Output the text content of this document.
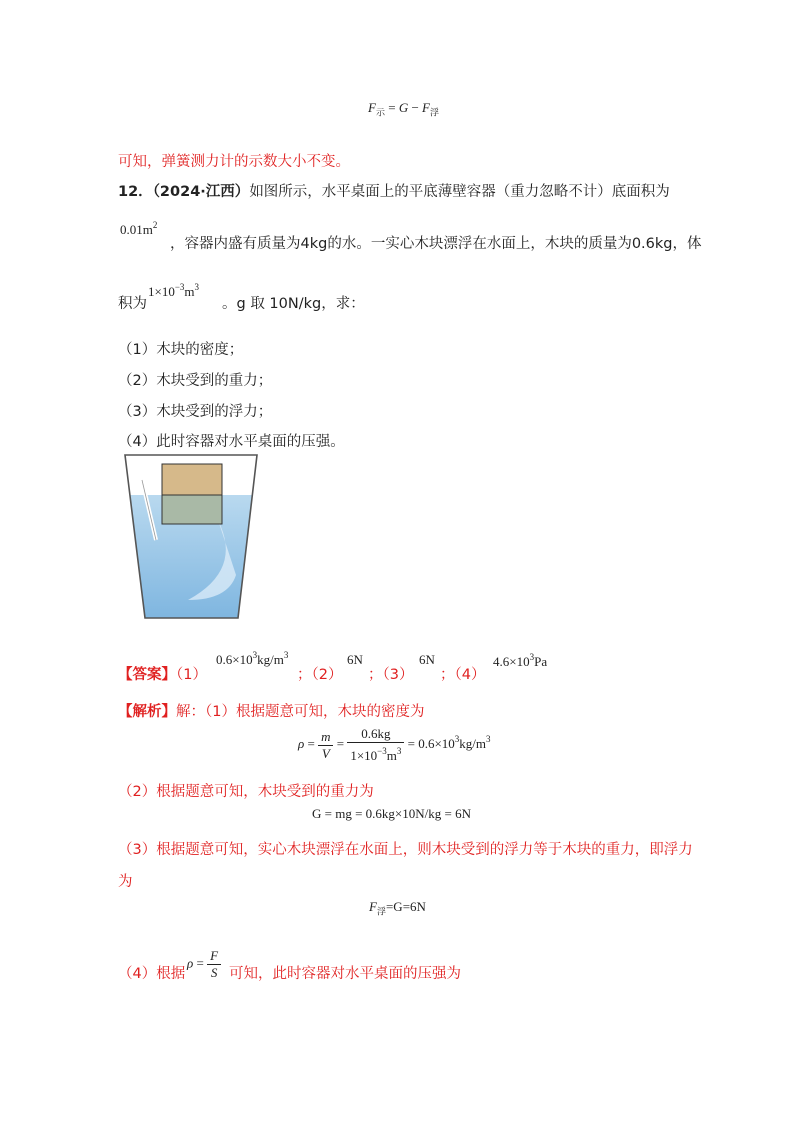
$F_示 = G - F_浮$
可知，弹簧测力计的示数大小不变。
12．（2024·江西）如图所示，水平桌面上的平底薄壁容器（重力忽略不计）底面积为
$0.01m^2$
，容器内盛有质量为4kg的水。一实心木块漂浮在水面上，木块的质量为0.6kg，体
积为
$1\times 10^{-3}m^3$
。g 取 10N/kg，求：
（1）木块的密度；
（2）木块受到的重力；
（3）木块受到的浮力；
（4）此时容器对水平桌面的压强。
【答案】（1）
$0.6\times 10^3kg/m^3$
；（2）
6N
；（3）
6N
；（4）
$4.6\times 10^3Pa$
【解析】解：（1）根据题意可知，木块的密度为
$\rho = \frac{m}{V} = \frac{0.6kg}{1\times 10^{-3}m^3} = 0.6\times 10^3kg/m^3$
（2）根据题意可知，木块受到的重力为
G = mg = 0.6kg×10N/kg = 6N
（3）根据题意可知，实心木块漂浮在水面上，则木块受到的浮力等于木块的重力，即浮力
为
$F_浮=G=6N$
（4）根据
$\rho = \frac{F}{S}$ 可知，此时容器对水平桌面的压强为
